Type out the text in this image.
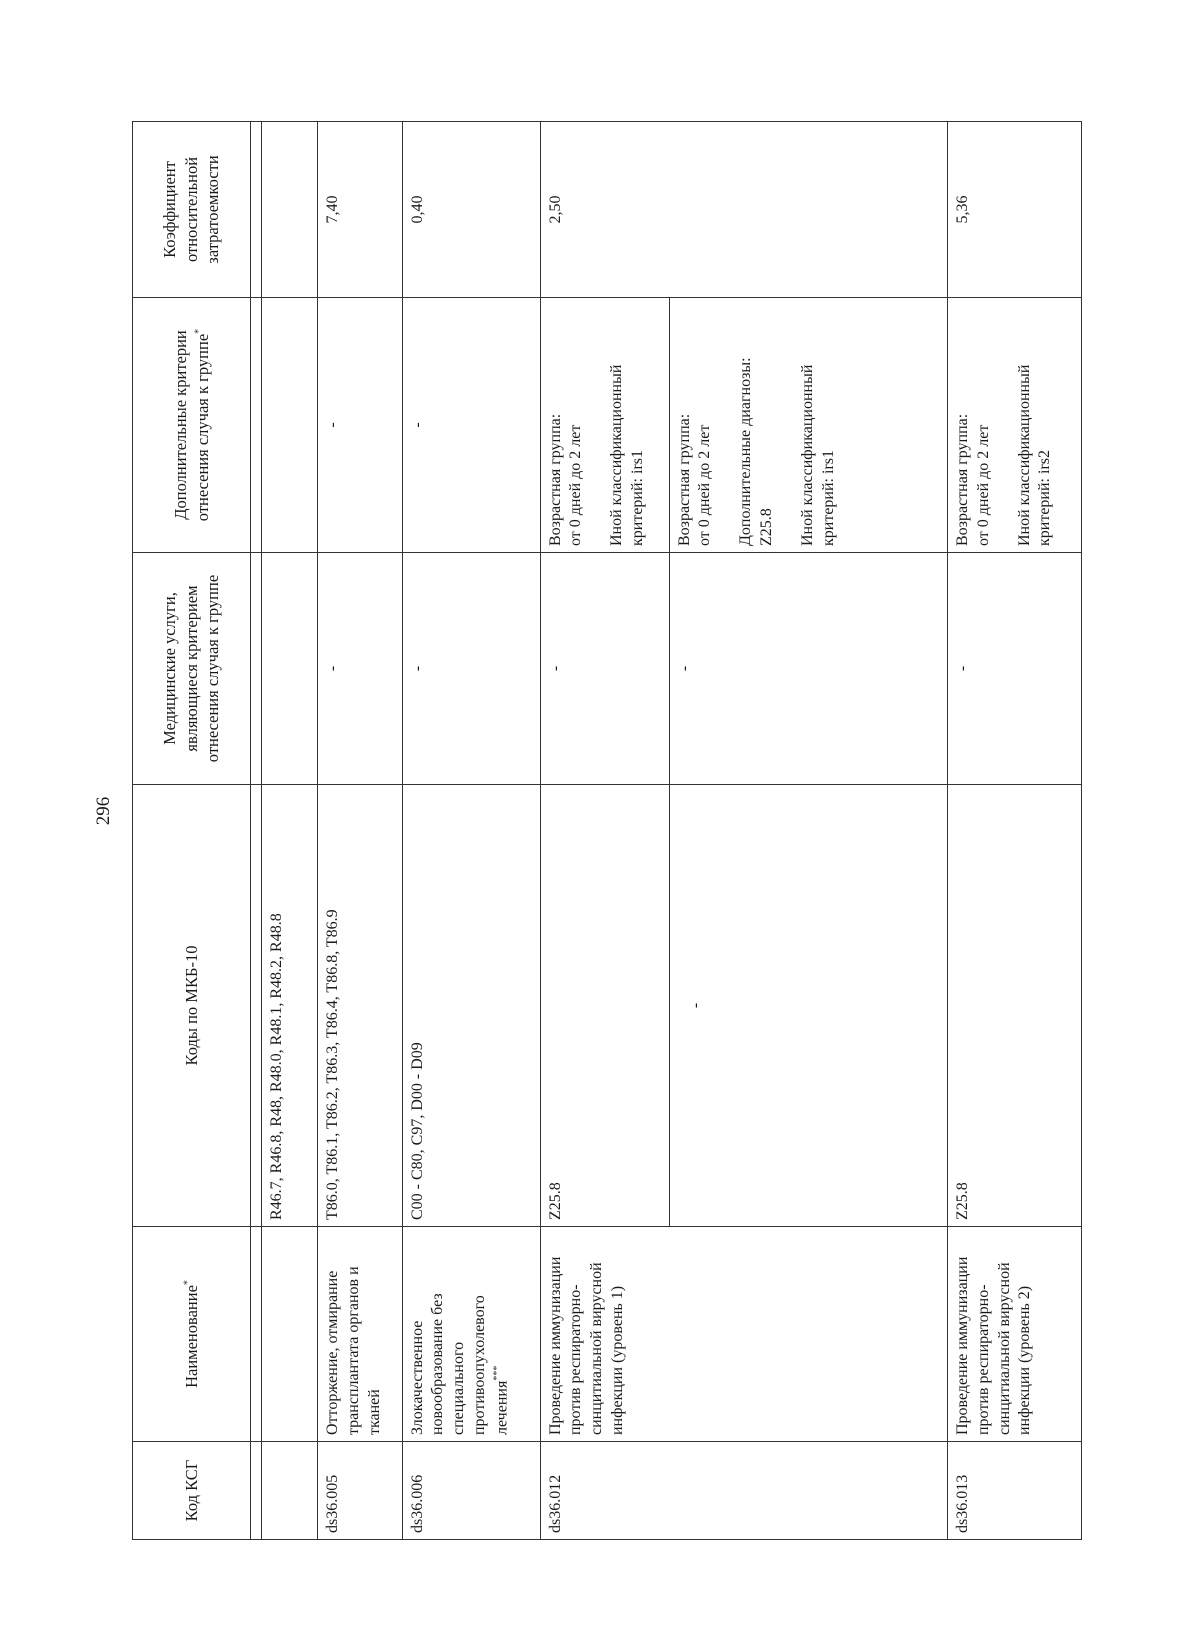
296
Код КСГ	Наименование*	Коды по МКБ-10	Медицинские услуги, являющиеся критерием отнесения случая к группе	Дополнительные критерии отнесения случая к группе*	Коэффициент относительной затратоемкости

		R46.7, R46.8, R48, R48.0, R48.1, R48.2, R48.8			
ds36.005	Отторжение, отмирание трансплантата органов и тканей	T86.0, T86.1, T86.2, T86.3, T86.4, T86.8, T86.9	-	-	7,40
ds36.006	Злокачественное новообразование без специального противоопухолевого лечения***	C00 - C80, C97, D00 - D09	-	-	0,40
ds36.012	Проведение иммунизации против респираторно-синцитиальной вирусной инфекции (уровень 1)	Z25.8	-	Возрастная группа: от 0 дней до 2 лет Иной классификационный критерий: irs1	2,50
		-	-	Возрастная группа: от 0 дней до 2 лет Дополнительные диагнозы: Z25.8 Иной классификационный критерий: irs1	

ds36.013	Проведение иммунизации против респираторно-синцитиальной вирусной инфекции (уровень 2)	Z25.8	-	Возрастная группа: от 0 дней до 2 лет Иной классификационный критерий: irs2	5,36
